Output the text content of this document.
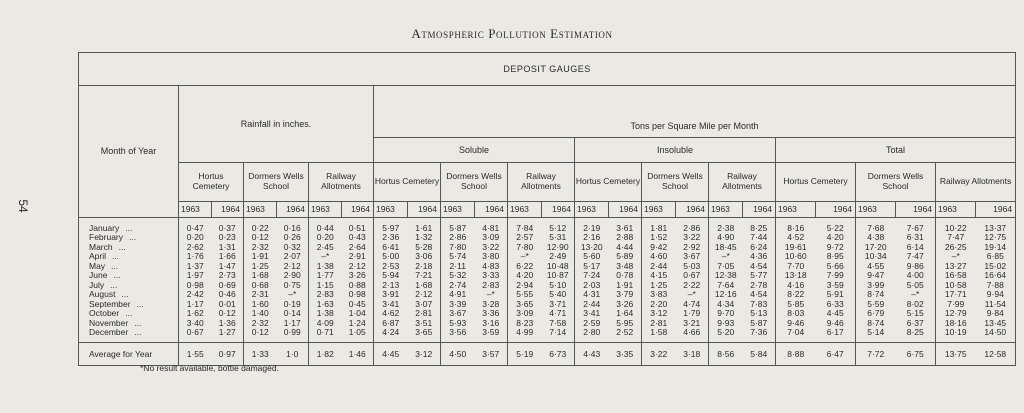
54
Atmospheric Pollution Estimation
DEPOSIT GAUGES																								
Month of Year	Rainfall in inches.						Tons per Square Mile per Month																	
							Soluble						Insoluble						Total					
	Hortus Cemetery		Dormers Wells School		Railway Allotments		Hortus Cemetery		Dormers Wells School		Railway Allotments		Hortus Cemetery		Dormers Wells School		Railway Allotments		Hortus Cemetery		Dormers Wells School		Railway Allotments	
	1963	1964	1963	1964	1963	1964	1963	1964	1963	1964	1963	1964	1963	1964	1963	1964	1963	1964	1963	1964	1963	1964	1963	1964
January ...	0·47	0·37	0·22	0·16	0·44	0·51	5·97	1·61	5·87	4·81	7·84	5·12	2·19	3·61	1·81	2·86	2·38	8·25	8·16	5·22	7·68	7·67	10·22	13·37
February ...	0·20	0·23	0·12	0·26	0·20	0·43	2·36	1·32	2·86	3·09	2·57	5·31	2·16	2·88	1·52	3·22	4·90	7·44	4·52	4·20	4·38	6·31	7·47	12·75
March ...	2·62	1·31	2·32	0·32	2·45	2·64	6·41	5·28	7·80	3·22	7·80	12·90	13·20	4·44	9·42	2·92	18·45	6·24	19·61	9·72	17·20	6·14	26·25	19·14
April ...	1·76	1·66	1·91	2·07	–*	2·91	5·00	3·06	5·74	3·80	–*	2·49	5·60	5·89	4·60	3·67	–*	4·36	10·60	8·95	10·34	7·47	–*	6·85
May ...	1·37	1·47	1·25	2·12	1·38	2·12	2·53	2·18	2·11	4·83	6·22	10·48	5·17	3·48	2·44	5·03	7·05	4·54	7·70	5·66	4·55	9·86	13·27	15·02
June ...	1·97	2·73	1·68	2·90	1·77	3·26	5·94	7·21	5·32	3·33	4·20	10·87	7·24	0·78	4·15	0·67	12·38	5·77	13·18	7·99	9·47	4·00	16·58	16·64
July ...	0·98	0·69	0·68	0·75	1·15	0·88	2·13	1·68	2·74	2·83	2·94	5·10	2·03	1·91	1·25	2·22	7·64	2·78	4·16	3·59	3·99	5·05	10·58	7·88
August ...	2·42	0·46	2·31	–*	2·83	0·98	3·91	2·12	4·91	–*	5·55	5·40	4·31	3·79	3·83	–*	12·16	4·54	8·22	5·91	8·74	–*	17·71	9·94
September ...	1·17	0·01	1·60	0·19	1·63	0·45	3·41	3·07	3·39	3·28	3·65	3·71	2·44	3·26	2·20	4·74	4·34	7·83	5·85	6·33	5·59	8·02	7·99	11·54
October ...	1·62	0·12	1·40	0·14	1·38	1·04	4·62	2·81	3·67	3·36	3·09	4·71	3·41	1·64	3·12	1·79	9·70	5·13	8·03	4·45	6·79	5·15	12·79	9·84
November ...	3·40	1·36	2·32	1·17	4·09	1·24	6·87	3·51	5·93	3·16	8·23	7·58	2·59	5·95	2·81	3·21	9·93	5·87	9·46	9·46	8·74	6·37	18·16	13·45
December ...	0·67	1·27	0·12	0·99	0·71	1·05	4·24	3·65	3·56	3·59	4·99	7·14	2·80	2·52	1·58	4·66	5·20	7·36	7·04	6·17	5·14	8·25	10·19	14·50
Average for Year	1·55	0·97	1·33	1·0	1·82	1·46	4·45	3·12	4·50	3·57	5·19	6·73	4·43	3·35	3·22	3·18	8·56	5·84	8·88	6·47	7·72	6·75	13·75	12·58
*No result available, bottle damaged.
